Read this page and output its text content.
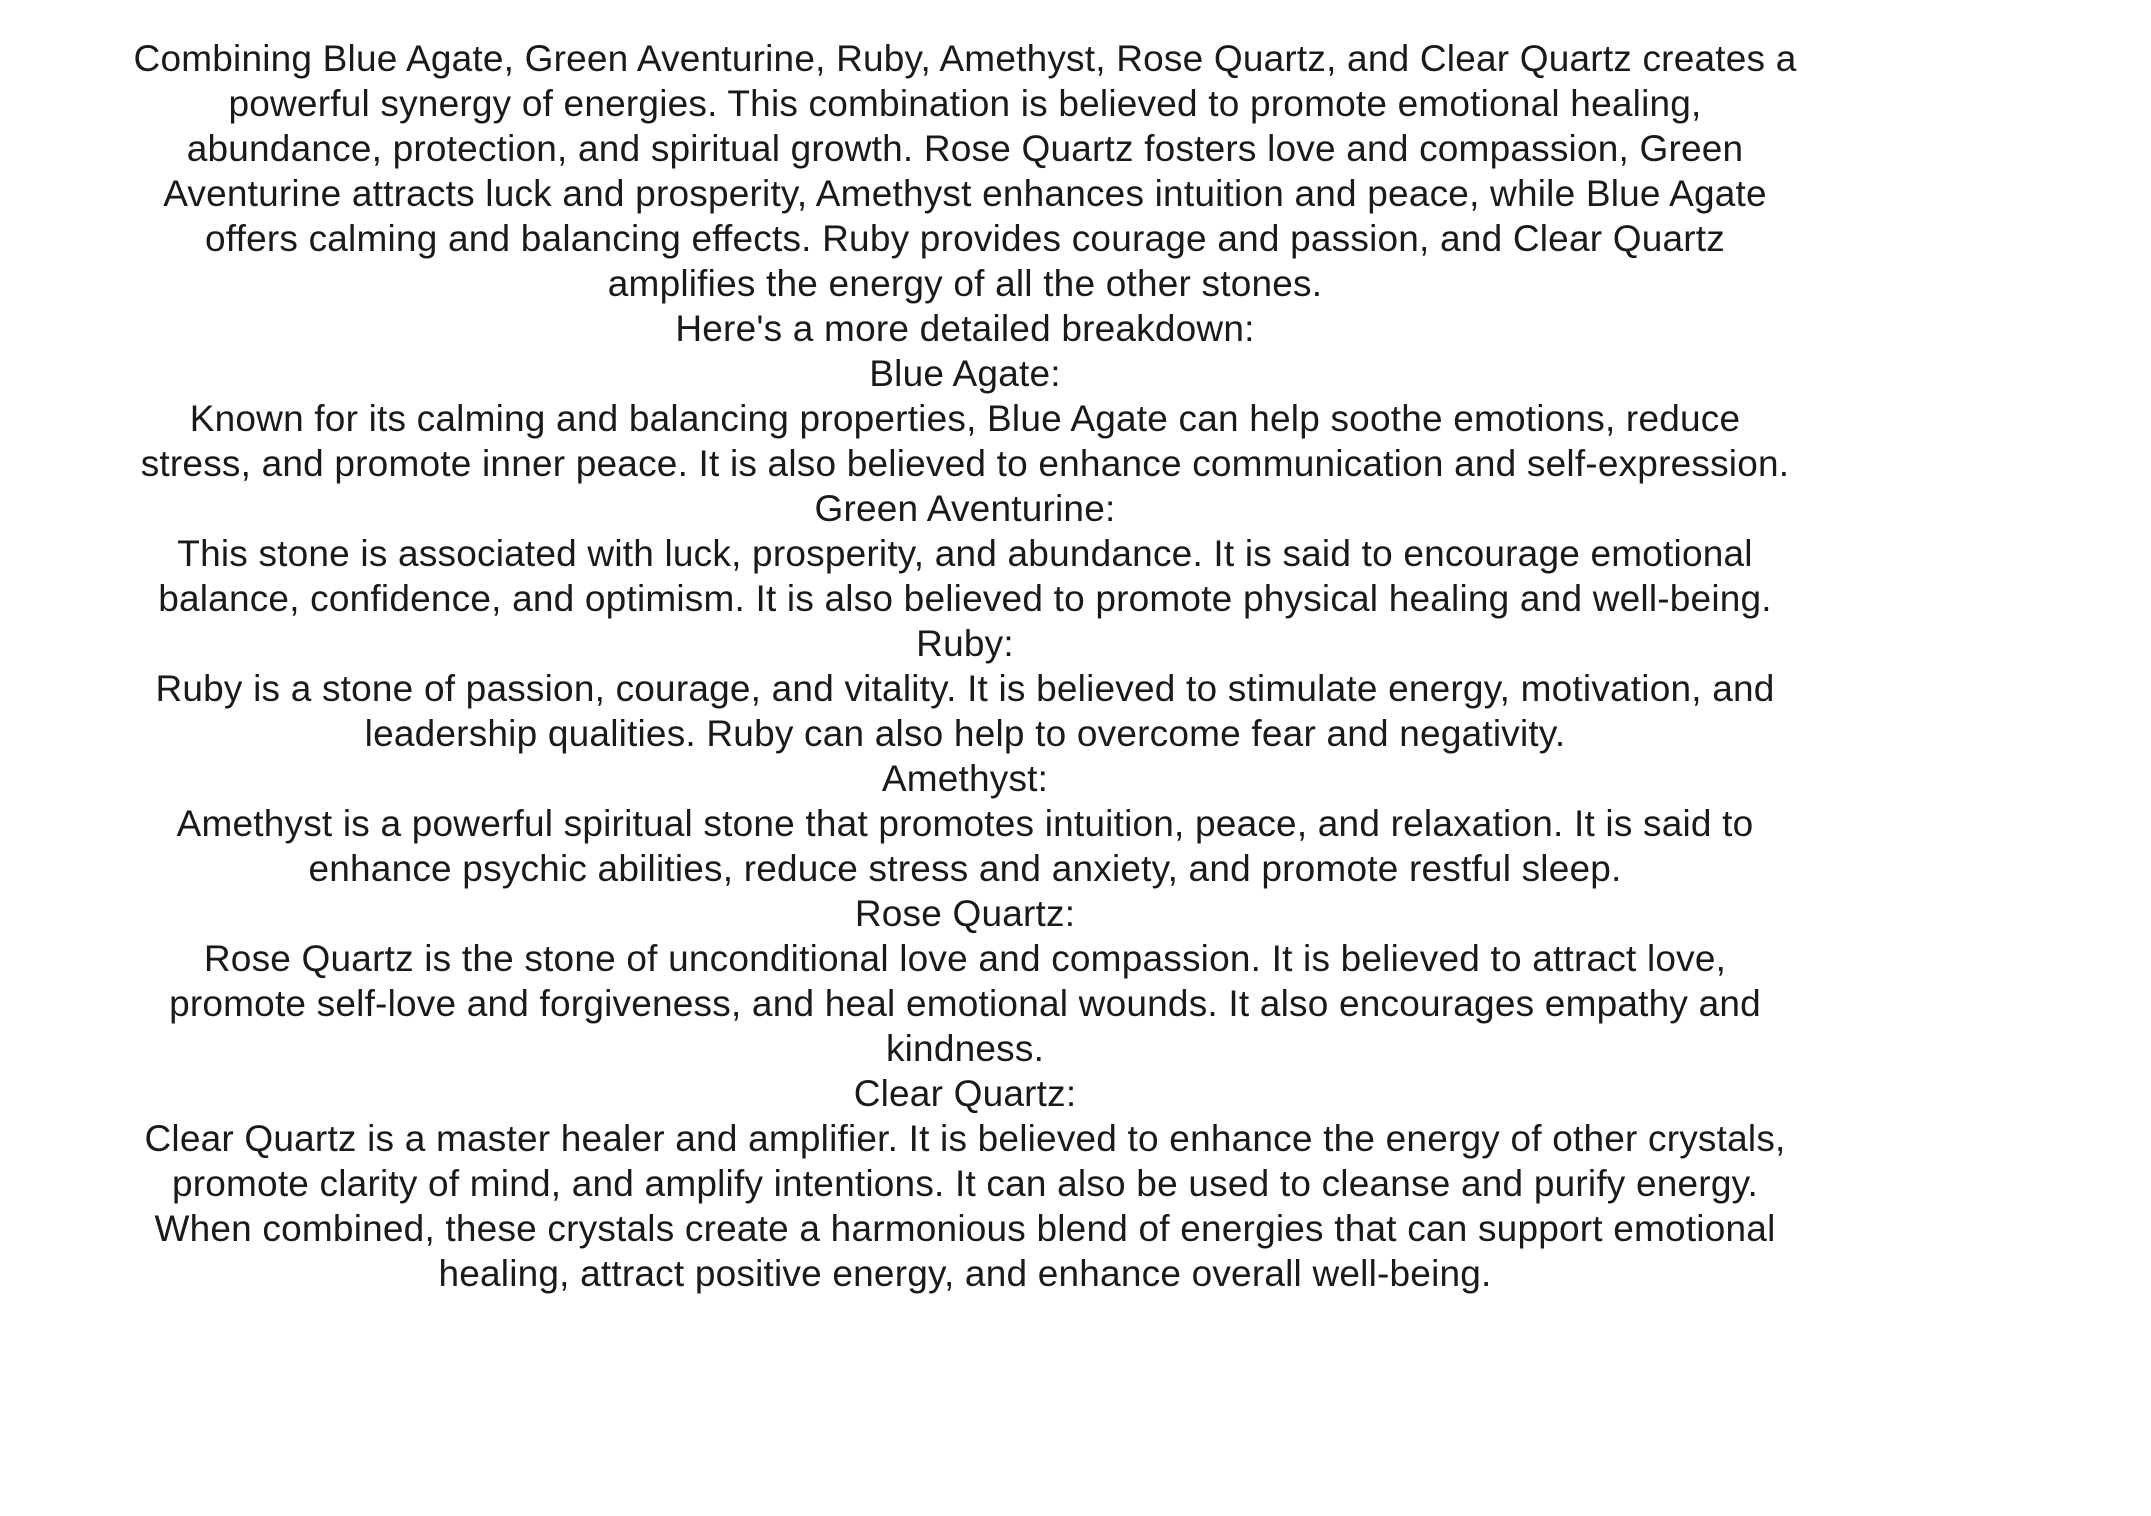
Combining Blue Agate, Green Aventurine, Ruby, Amethyst, Rose Quartz, and Clear Quartz creates a
powerful synergy of energies. This combination is believed to promote emotional healing,
abundance, protection, and spiritual growth. Rose Quartz fosters love and compassion, Green
Aventurine attracts luck and prosperity, Amethyst enhances intuition and peace, while Blue Agate
offers calming and balancing effects. Ruby provides courage and passion, and Clear Quartz
amplifies the energy of all the other stones.
Here's a more detailed breakdown:
Blue Agate:
Known for its calming and balancing properties, Blue Agate can help soothe emotions, reduce
stress, and promote inner peace. It is also believed to enhance communication and self-expression.
Green Aventurine:
This stone is associated with luck, prosperity, and abundance. It is said to encourage emotional
balance, confidence, and optimism. It is also believed to promote physical healing and well-being.
Ruby:
Ruby is a stone of passion, courage, and vitality. It is believed to stimulate energy, motivation, and
leadership qualities. Ruby can also help to overcome fear and negativity.
Amethyst:
Amethyst is a powerful spiritual stone that promotes intuition, peace, and relaxation. It is said to
enhance psychic abilities, reduce stress and anxiety, and promote restful sleep.
Rose Quartz:
Rose Quartz is the stone of unconditional love and compassion. It is believed to attract love,
promote self-love and forgiveness, and heal emotional wounds. It also encourages empathy and
kindness.
Clear Quartz:
Clear Quartz is a master healer and amplifier. It is believed to enhance the energy of other crystals,
promote clarity of mind, and amplify intentions. It can also be used to cleanse and purify energy.
When combined, these crystals create a harmonious blend of energies that can support emotional
healing, attract positive energy, and enhance overall well-being.
